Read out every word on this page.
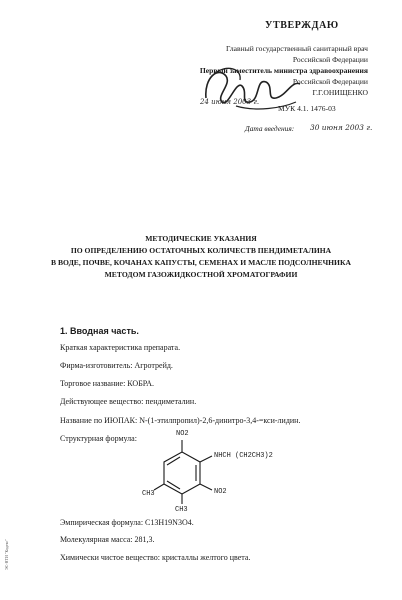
ЭС-НТИ "Кодекс"
УТВЕРЖДАЮ
Главный государственный санитарный врач
Российской Федерации
Первый заместитель министра здравоохранения
Российской Федерации
Г.Г.ОНИЩЕНКО
24 июня 2003 г.
МУК 4.1. 1476-03
Дата введения: 30 июня 2003 г.
МЕТОДИЧЕСКИЕ УКАЗАНИЯ
ПО ОПРЕДЕЛЕНИЮ ОСТАТОЧНЫХ КОЛИЧЕСТВ ПЕНДИМЕТАЛИНА
В ВОДЕ, ПОЧВЕ, КОЧАНАХ КАПУСТЫ, СЕМЕНАХ И МАСЛЕ ПОДСОЛНЕЧНИКА
МЕТОДОМ ГАЗОЖИДКОСТНОЙ ХРОМАТОГРАФИИ
1. Вводная часть.
Краткая характеристика препарата.
Фирма-изготовитель: Агротрейд.
Торговое название: КОБРА.
Действующее вещество: пендиметалин.
Название по ИЮПАК: N-(1-этилпропил)-2,6-динитро-3,4-=кси-лидин.
Структурная формула:	NO2
NHCH (CH2CH3)2
NO2
CH3
CH3
Эмпирическая формула: C13H19N3O4.
Молекулярная масса: 281,3.
Химически чистое вещество: кристаллы желтого цвета.
